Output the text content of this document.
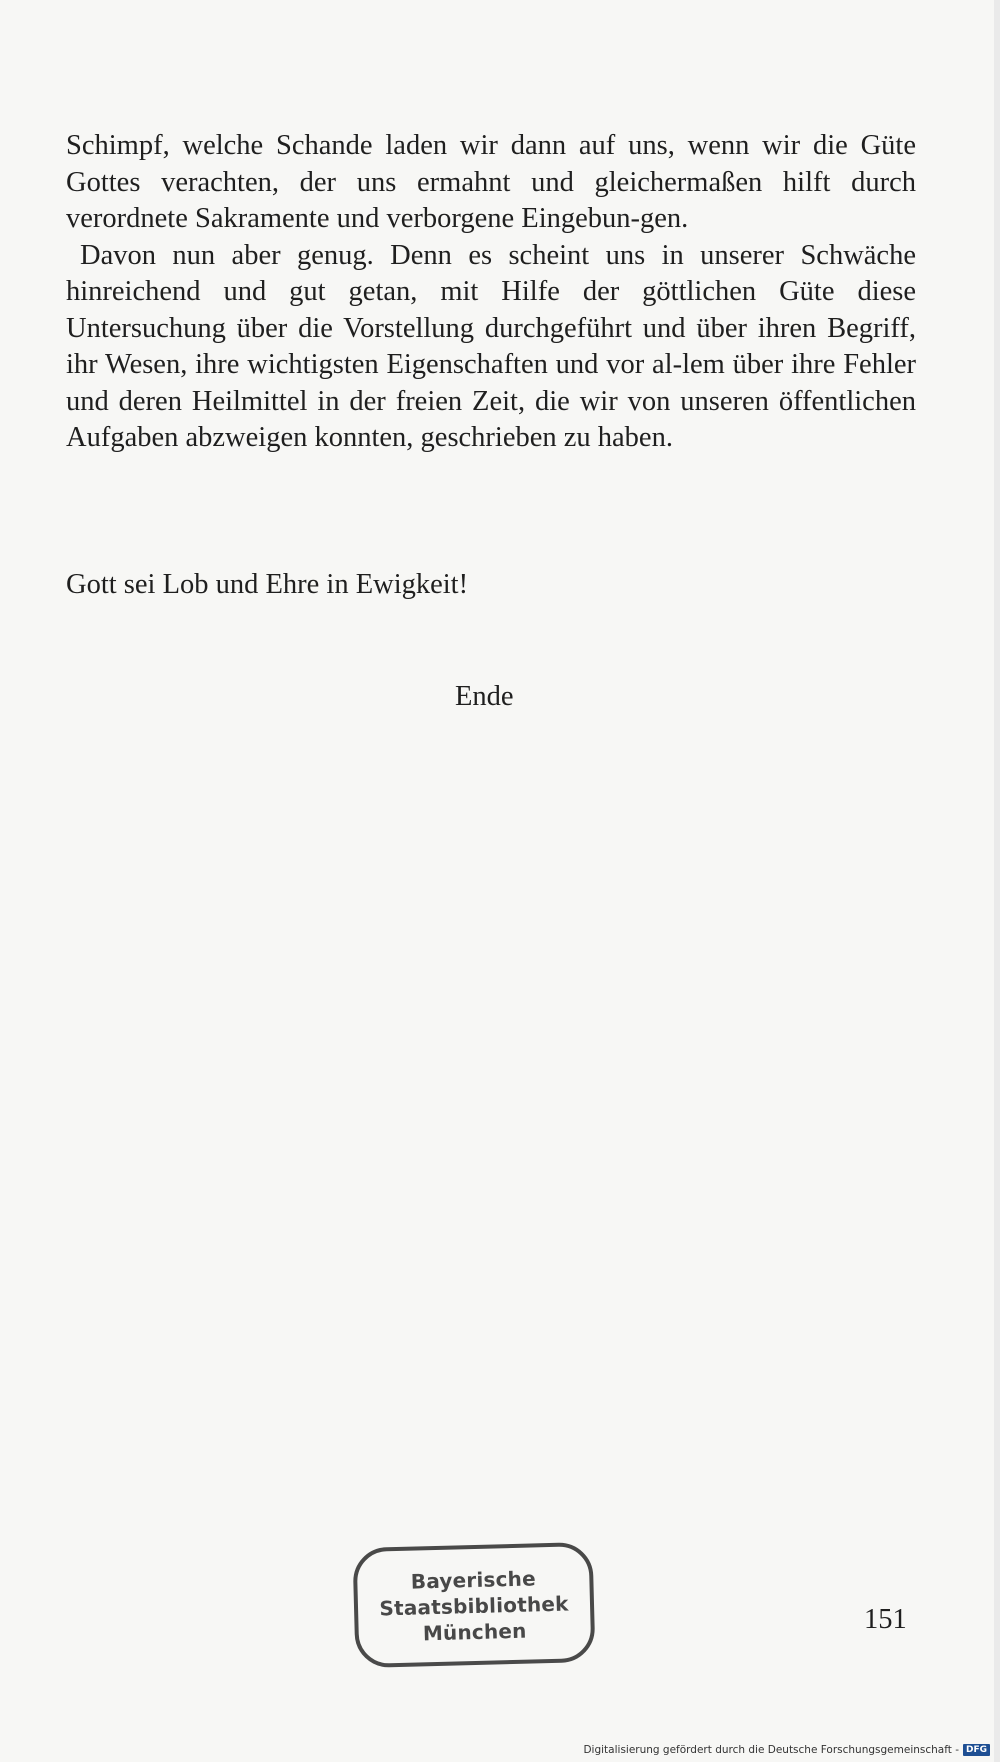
Schimpf, welche Schande laden wir dann auf uns, wenn wir die Güte Gottes verachten, der uns ermahnt und gleichermaßen hilft durch verordnete Sakramente und verborgene Eingebun-gen.

Davon nun aber genug. Denn es scheint uns in unserer Schwäche hinreichend und gut getan, mit Hilfe der göttlichen Güte diese Untersuchung über die Vorstellung durchgeführt und über ihren Begriff, ihr Wesen, ihre wichtigsten Eigenschaften und vor al-lem über ihre Fehler und deren Heilmittel in der freien Zeit, die wir von unseren öffentlichen Aufgaben abzweigen konnten, geschrieben zu haben.

Gott sei Lob und Ehre in Ewigkeit!
Ende
Bayerische
Staatsbibliothek
München	151
Digitalisierung gefördert durch die Deutsche Forschungsgemeinschaft - DFG
